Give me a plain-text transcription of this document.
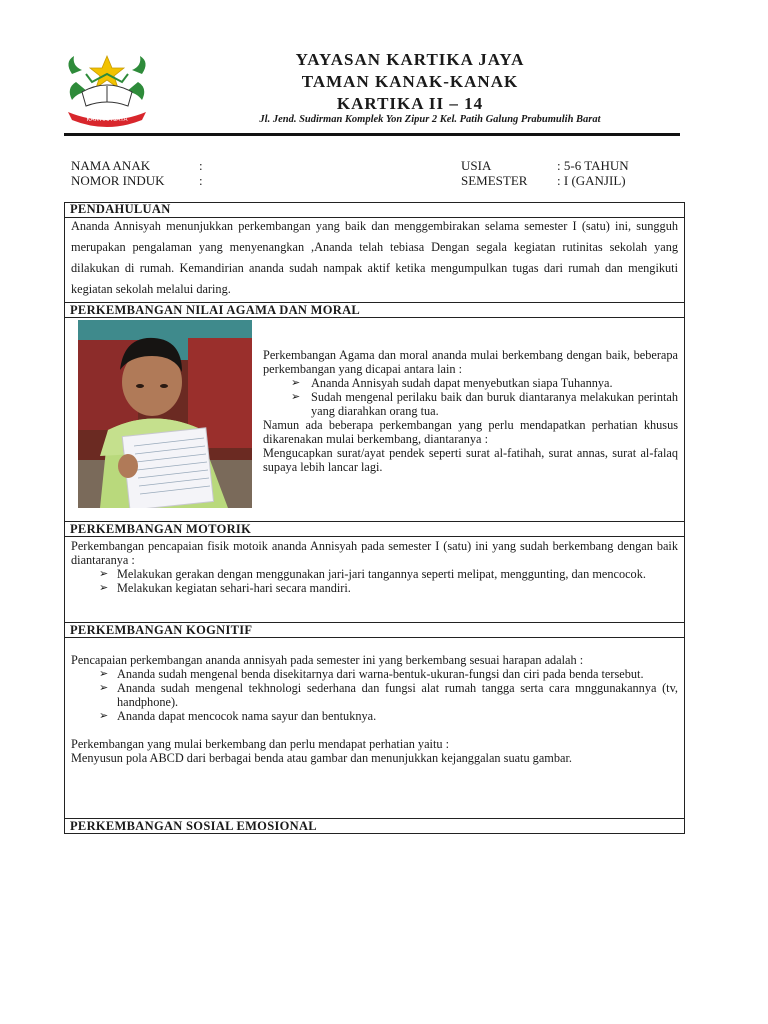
KARTIKA JAYA
YAYASAN KARTIKA JAYA
TAMAN KANAK-KANAK
KARTIKA II – 14
Jl. Jend. Sudirman Komplek Yon Zipur 2 Kel. Patih Galung Prabumulih Barat
NAMA ANAK	:
NOMOR INDUK	:
USIA	: 5-6 TAHUN
SEMESTER	: I (GANJIL)
PENDAHULUAN
Ananda Annisyah menunjukkan perkembangan yang baik dan menggembirakan selama semester I (satu) ini, sungguh merupakan pengalaman yang menyenangkan ,Ananda telah tebiasa Dengan segala kegiatan rutinitas sekolah yang dilakukan di rumah. Kemandirian ananda sudah nampak aktif ketika mengumpulkan tugas dari rumah dan mengikuti kegiatan sekolah melalui daring.
PERKEMBANGAN NILAI AGAMA DAN MORAL

Perkembangan Agama dan moral ananda mulai berkembang dengan baik, beberapa perkembangan yang dicapai antara lain :

➢ Ananda Annisyah sudah dapat menyebutkan siapa Tuhannya.
➢ Sudah mengenal perilaku baik dan buruk diantaranya melakukan perintah yang diarahkan orang tua.

Namun ada beberapa perkembangan yang perlu mendapatkan perhatian khusus dikarenakan mulai berkembang, diantaranya :

Mengucapkan surat/ayat pendek seperti surat al-fatihah, surat annas, surat al-falaq supaya lebih lancar lagi.

PERKEMBANGAN MOTORIK

Perkembangan pencapaian fisik motoik ananda Annisyah pada semester I (satu) ini yang sudah berkembang dengan baik diantaranya :

➢ Melakukan gerakan dengan menggunakan jari-jari tangannya seperti melipat, menggunting, dan mencocok.
➢ Melakukan kegiatan sehari-hari secara mandiri.
PERKEMBANGAN KOGNITIF

Pencapaian perkembangan ananda annisyah pada semester ini yang berkembang sesuai harapan adalah :

➢ Ananda sudah mengenal benda disekitarnya dari warna-bentuk-ukuran-fungsi dan ciri pada benda tersebut.
➢ Ananda sudah mengenal tekhnologi sederhana dan fungsi alat rumah tangga serta cara mnggunakannya (tv, handphone).
➢ Ananda dapat mencocok nama sayur dan bentuknya.

Perkembangan yang mulai berkembang dan perlu mendapat perhatian yaitu :

Menyusun pola ABCD dari berbagai benda atau gambar dan menunjukkan kejanggalan suatu gambar.

PERKEMBANGAN SOSIAL EMOSIONAL
